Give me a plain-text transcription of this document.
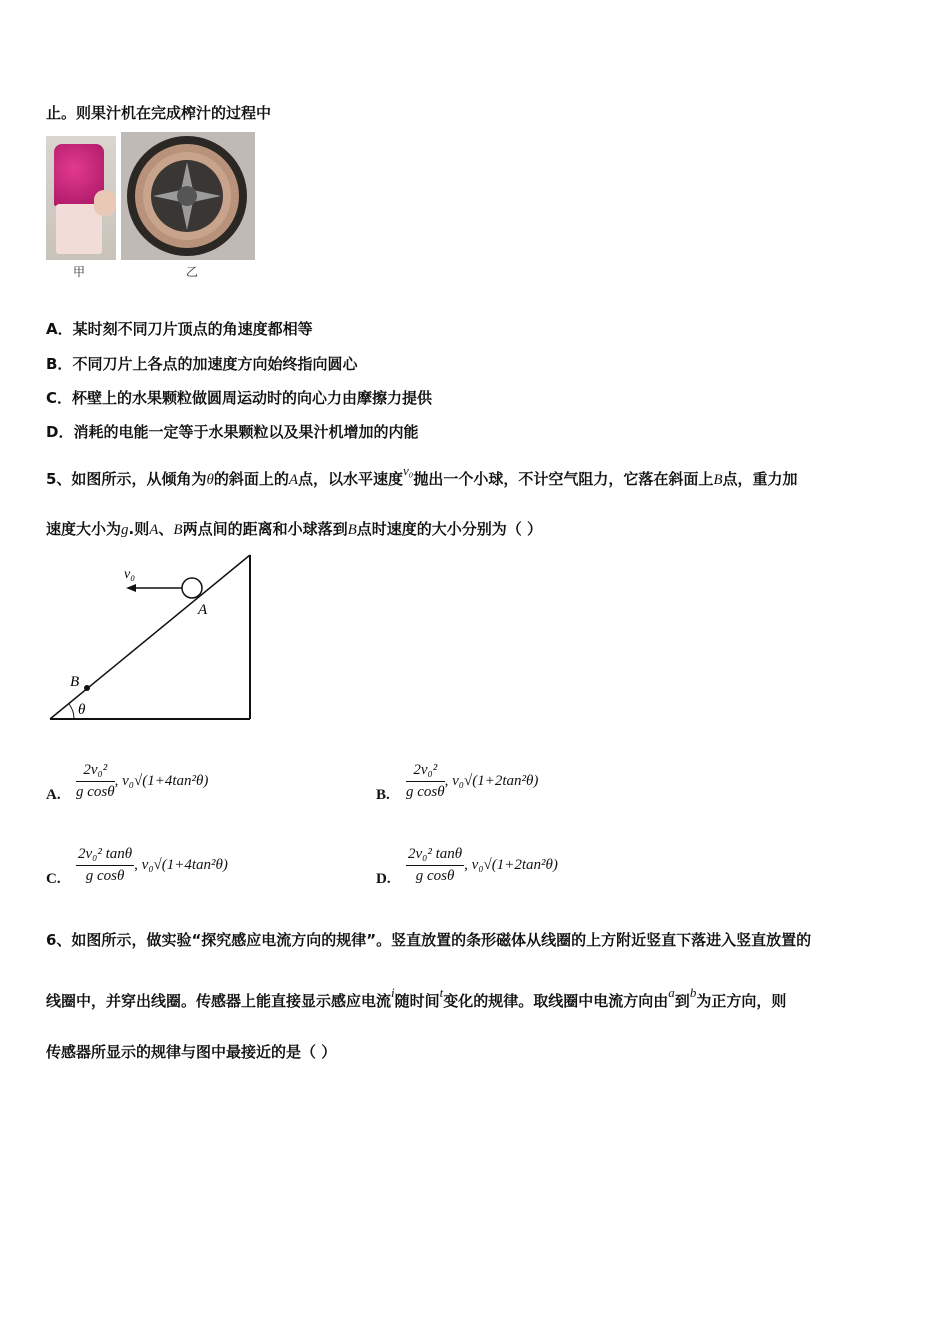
止。则果汁机在完成榨汁的过程中
甲	乙
A．某时刻不同刀片顶点的角速度都相等
B．不同刀片上各点的加速度方向始终指向圆心
C．杯壁上的水果颗粒做圆周运动时的向心力由摩擦力提供
D．消耗的电能一定等于水果颗粒以及果汁机增加的内能
5、如图所示，从倾角为θ的斜面上的A点，以水平速度v₀抛出一个小球，不计空气阻力，它落在斜面上B点，重力加
速度大小为g.则A、B两点间的距离和小球落到B点时速度的大小分别为（ ）
v₀
A
B
θ
A. $\frac{\text{2v₀²}}{\text{g cosθ}}$ , v₀√(1+4tan²θ)
B. $\frac{\text{2v₀²}}{\text{g cosθ}}$ , v₀√(1+2tan²θ)
C. $\frac{\text{2v₀² tanθ}}{\text{g cosθ}}$ , v₀√(1+4tan²θ)
D. $\frac{\text{2v₀² tanθ}}{\text{g cosθ}}$ , v₀√(1+2tan²θ)
6、如图所示，做实验“探究感应电流方向的规律”。竖直放置的条形磁体从线圈的上方附近竖直下落进入竖直放置的
线圈中，并穿出线圈。传感器上能直接显示感应电流i随时间t变化的规律。取线圈中电流方向由a到b为正方向，则
传感器所显示的规律与图中最接近的是（ ）
